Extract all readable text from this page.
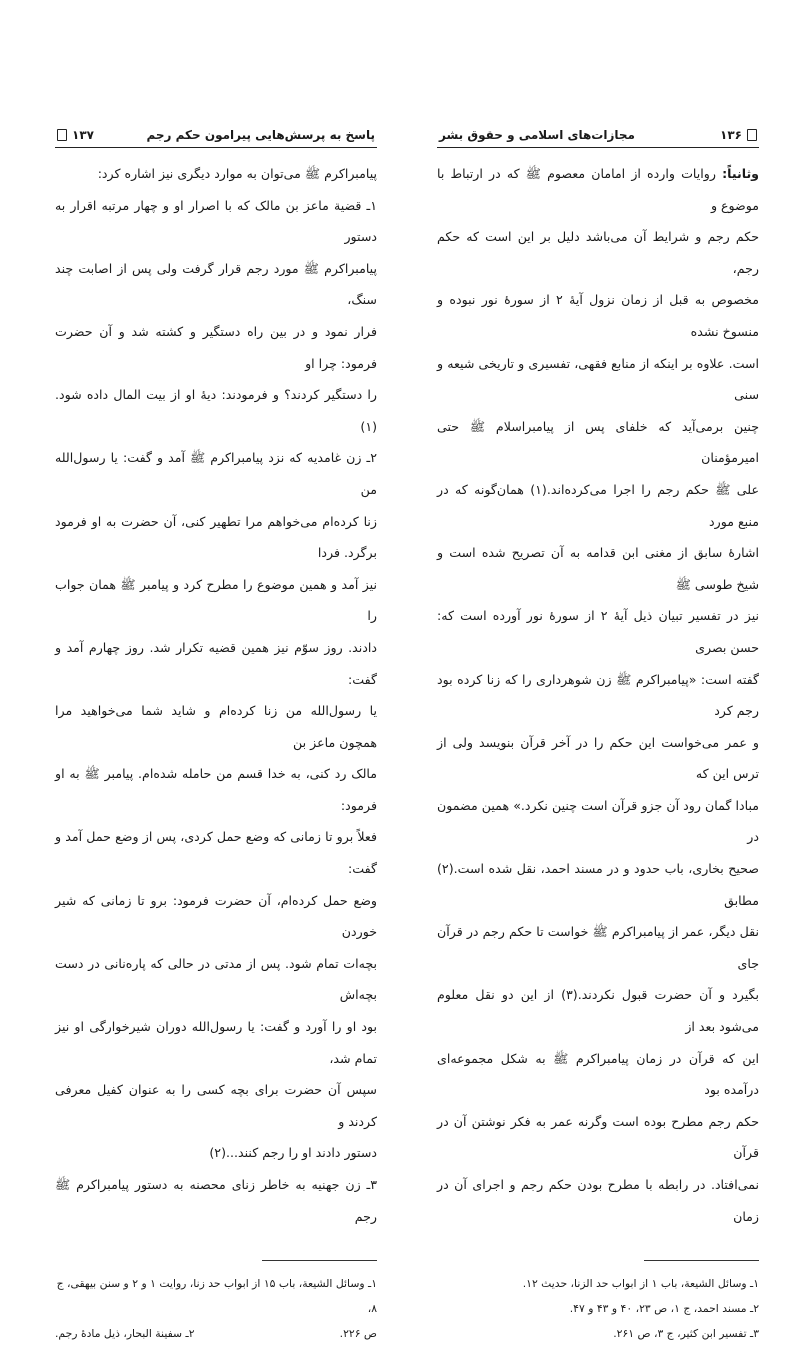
پاسخ به پرسش‌هایی پیرامون حکم رجم
۱۳۷

پیامبراکرم ﷺ می‌توان به موارد دیگری نیز اشاره کرد:

۱ـ قضیة ماعز بن مالک که با اصرار او و چهار مرتبه اقرار به دستور

پیامبراکرم ﷺ مورد رجم قرار گرفت ولی پس از اصابت چند سنگ،

فرار نمود و در بین راه دستگیر و کشته شد و آن حضرت فرمود: چرا او

را دستگیر کردند؟ و فرمودند: دیهٔ او از بیت المال داده شود.(۱)

۲ـ زن غامدیه که نزد پیامبراکرم ﷺ آمد و گفت: یا رسول‌الله من

زنا کرده‌ام می‌خواهم مرا تطهیر کنی، آن حضرت به او فرمود برگرد. فردا

نیز آمد و همین موضوع را مطرح کرد و پیامبر ﷺ همان جواب را

دادند. روز سوّم نیز همین قضیه تکرار شد. روز چهارم آمد و گفت:

یا رسول‌الله من زنا کرده‌ام و شاید شما می‌خواهید مرا همچون ماعز بن

مالک رد کنی، به خدا قسم من حامله شده‌ام. پیامبر ﷺ به او فرمود:

فعلاً برو تا زمانی که وضع حمل کردی، پس از وضع حمل آمد و گفت:

وضع حمل کرده‌ام، آن حضرت فرمود: برو تا زمانی که شیر خوردن

بچه‌ات تمام شود. پس از مدتی در حالی که پاره‌نانی در دست بچه‌اش

بود او را آورد و گفت: یا رسول‌الله دوران شیرخوارگی او نیز تمام شد،

سپس آن حضرت برای بچه کسی را به عنوان کفیل معرفی کردند و

دستور دادند او را رجم کنند...(۲)

۳ـ زن جهنیه به خاطر زنای محصنه به دستور پیامبراکرم ﷺ رجم

۱ـ وسائل الشیعة، باب ۱۵ از ابواب حد زنا، روایت ۱ و ۲ و سنن بیهقی، ج ۸،

ص ۲۲۶.
۲ـ سفینة البحار، ذیل مادهٔ رجم.
۱۳۶
مجازات‌های اسلامی و حقوق بشر

وثانیاً: روایات وارده از امامان معصوم ﷺ که در ارتباط با موضوع و

حکم رجم و شرایط آن می‌باشد دلیل بر این است که حکم رجم،

مخصوص به قبل از زمان نزول آیهٔ ۲ از سورهٔ نور نبوده و منسوخ نشده

است. علاوه بر اینکه از منابع فقهی، تفسیری و تاریخی شیعه و سنی

چنین برمی‌آید که خلفای پس از پیامبراسلام ﷺ حتی امیرمؤمنان

علی ﷺ حکم رجم را اجرا می‌کرده‌اند.(۱) همان‌گونه که در منبع مورد

اشارهٔ سابق از مغنی ابن قدامه به آن تصریح شده است و شیخ طوسی ﷺ

نیز در تفسیر تبیان ذیل آیهٔ ۲ از سورهٔ نور آورده است که: حسن بصری

گفته است: «پیامبراکرم ﷺ زن شوهرداری را که زنا کرده بود رجم کرد

و عمر می‌خواست این حکم را در آخر قرآن بنویسد ولی از ترس این که

مبادا گمان رود آن جزو قرآن است چنین نکرد.» همین مضمون در

صحیح بخاری، باب حدود و در مسند احمد، نقل شده است.(۲) مطابق

نقل دیگر، عمر از پیامبراکرم ﷺ خواست تا حکم رجم در قرآن جای

بگیرد و آن حضرت قبول نکردند.(۳) از این دو نقل معلوم می‌شود بعد از

این که قرآن در زمان پیامبراکرم ﷺ به شکل مجموعه‌ای درآمده بود

حکم رجم مطرح بوده است وگرنه عمر به فکر نوشتن آن در قرآن

نمی‌افتاد. در رابطه با مطرح بودن حکم رجم و اجرای آن در زمان

۱ـ وسائل الشیعة، باب ۱ از ابواب حد الزنا، حدیث ۱۲.

۲ـ مسند احمد، ج ۱، ص ۲۳، ۴۰ و ۴۳ و ۴۷.

۳ـ تفسیر ابن کثیر، ج ۳، ص ۲۶۱.
